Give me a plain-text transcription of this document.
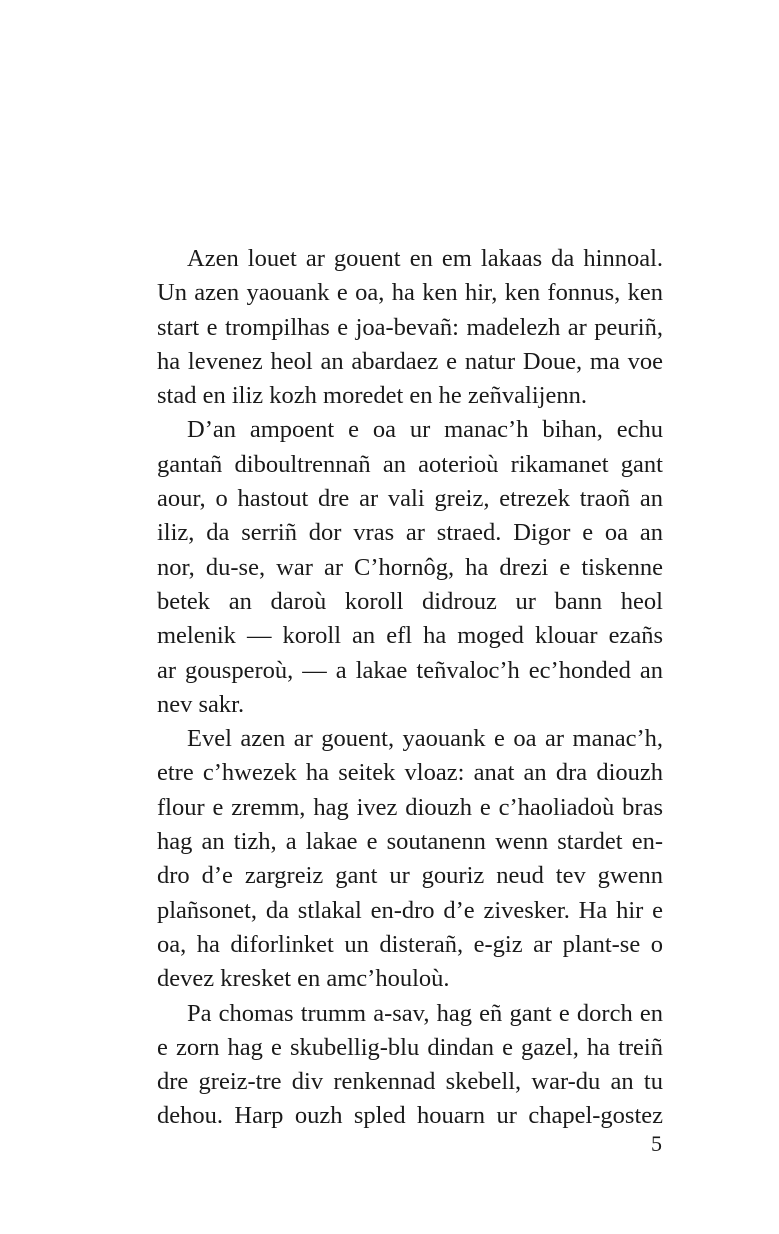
Azen louet ar gouent en em lakaas da hinnoal.
Un azen yaouank e oa, ha ken hir, ken fonnus, ken
start e trompilhas e joa-bevañ: madelezh ar peuriñ,
ha levenez heol an abardaez e natur Doue, ma voe
stad en iliz kozh moredet en he zeñvalijenn.
D’an ampoent e oa ur manac’h bihan, echu
gantañ diboultrennañ an aoterioù rikamanet gant
aour, o hastout dre ar vali greiz, etrezek traoñ an
iliz, da serriñ dor vras ar straed. Digor e oa an
nor, du-se, war ar C’hornôg, ha drezi e tiskenne
betek an daroù koroll didrouz ur bann heol
melenik — koroll an efl ha moged klouar ezañs
ar gousperoù, — a lakae teñvaloc’h ec’honded an
nev sakr.
Evel azen ar gouent, yaouank e oa ar manac’h,
etre c’hwezek ha seitek vloaz: anat an dra diouzh
flour e zremm, hag ivez diouzh e c’haoliadoù bras
hag an tizh, a lakae e soutanenn wenn stardet en-
dro d’e zargreiz gant ur gouriz neud tev gwenn
plañsonet, da stlakal en-dro d’e zivesker. Ha hir e
oa, ha diforlinket un disterañ, e-giz ar plant-se o
devez kresket en amc’houloù.
Pa chomas trumm a-sav, hag eñ gant e dorch en
e zorn hag e skubellig-blu dindan e gazel, ha treiñ
dre greiz-tre div renkennad skebell, war-du an tu
dehou. Harp ouzh spled houarn ur chapel-gostez
5
